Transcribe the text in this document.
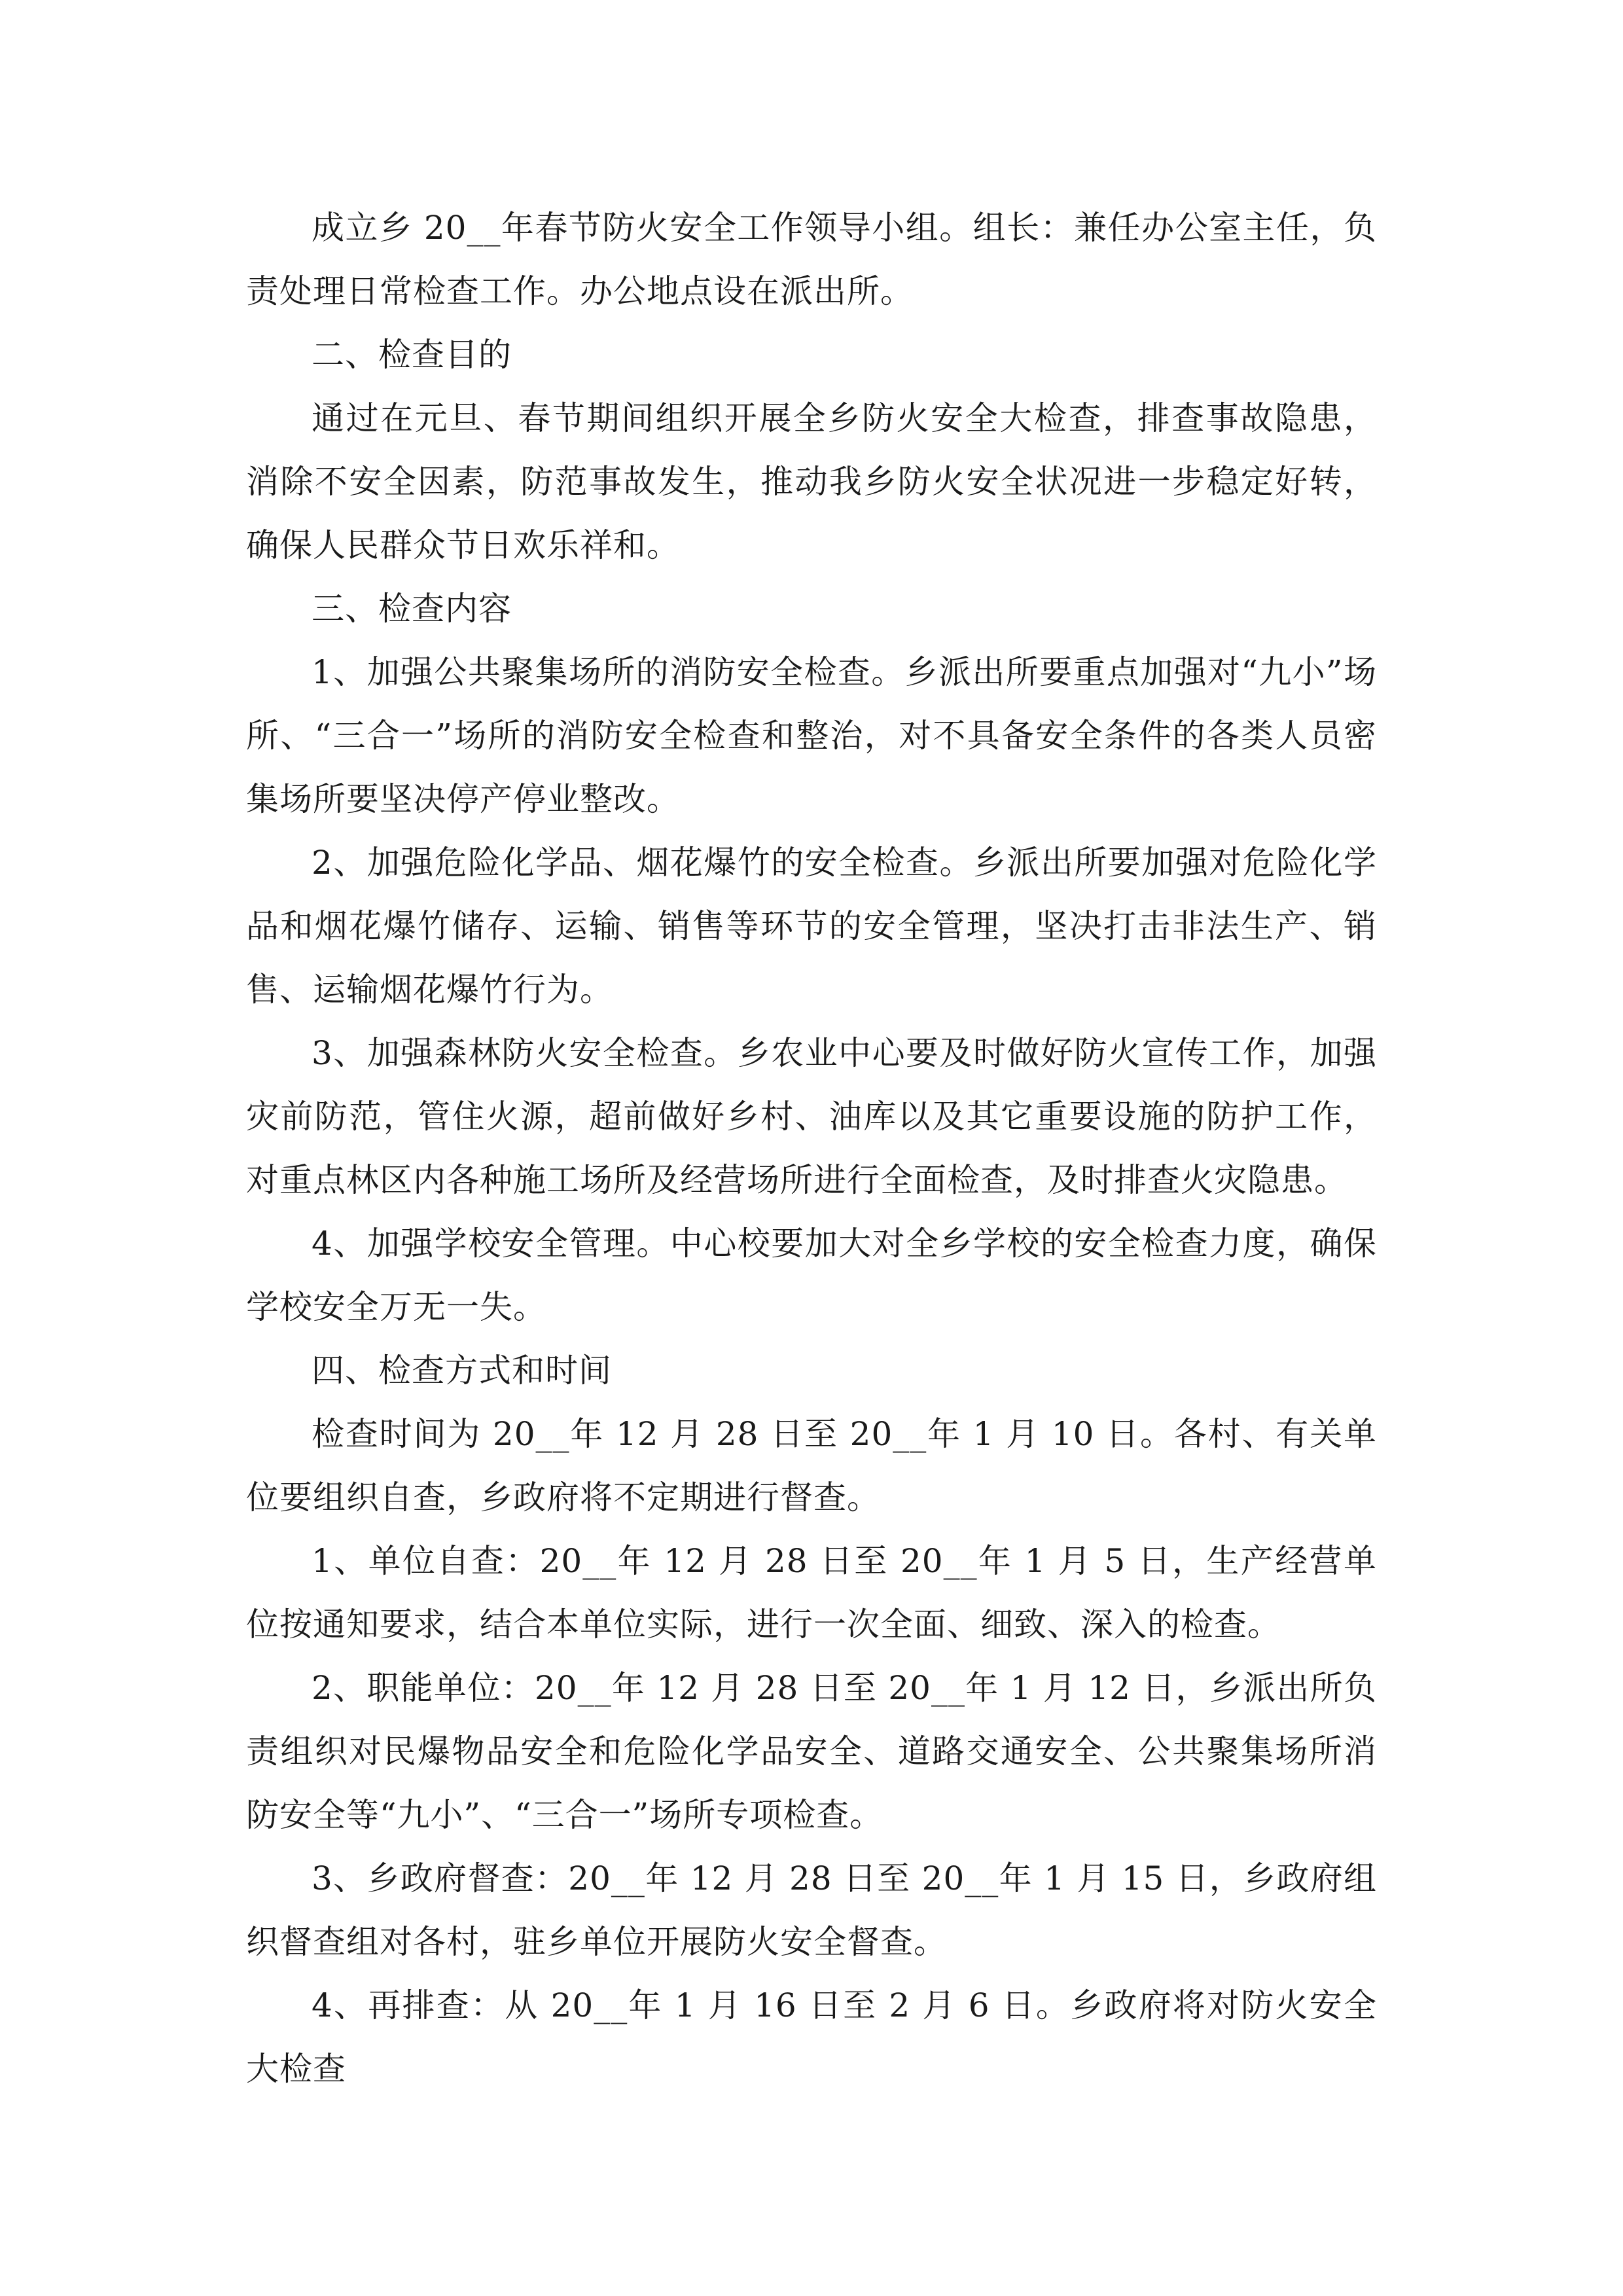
成立乡 20__年春节防火安全工作领导小组。组长：兼任办公室主任，负责处理日常检查工作。办公地点设在派出所。

二、检查目的

通过在元旦、春节期间组织开展全乡防火安全大检查，排查事故隐患，消除不安全因素，防范事故发生，推动我乡防火安全状况进一步稳定好转，确保人民群众节日欢乐祥和。

三、检查内容

1、加强公共聚集场所的消防安全检查。乡派出所要重点加强对“九小”场所、“三合一”场所的消防安全检查和整治，对不具备安全条件的各类人员密集场所要坚决停产停业整改。

2、加强危险化学品、烟花爆竹的安全检查。乡派出所要加强对危险化学品和烟花爆竹储存、运输、销售等环节的安全管理，坚决打击非法生产、销售、运输烟花爆竹行为。

3、加强森林防火安全检查。乡农业中心要及时做好防火宣传工作，加强灾前防范，管住火源，超前做好乡村、油库以及其它重要设施的防护工作，对重点林区内各种施工场所及经营场所进行全面检查，及时排查火灾隐患。

4、加强学校安全管理。中心校要加大对全乡学校的安全检查力度，确保学校安全万无一失。

四、检查方式和时间

检查时间为 20__年 12 月 28 日至 20__年 1 月 10 日。各村、有关单位要组织自查，乡政府将不定期进行督查。

1、单位自查：20__年 12 月 28 日至 20__年 1 月 5 日，生产经营单位按通知要求，结合本单位实际，进行一次全面、细致、深入的检查。

2、职能单位：20__年 12 月 28 日至 20__年 1 月 12 日，乡派出所负责组织对民爆物品安全和危险化学品安全、道路交通安全、公共聚集场所消防安全等“九小”、“三合一”场所专项检查。

3、乡政府督查：20__年 12 月 28 日至 20__年 1 月 15 日，乡政府组织督查组对各村，驻乡单位开展防火安全督查。

4、再排查：从 20__年 1 月 16 日至 2 月 6 日。乡政府将对防火安全大检查
